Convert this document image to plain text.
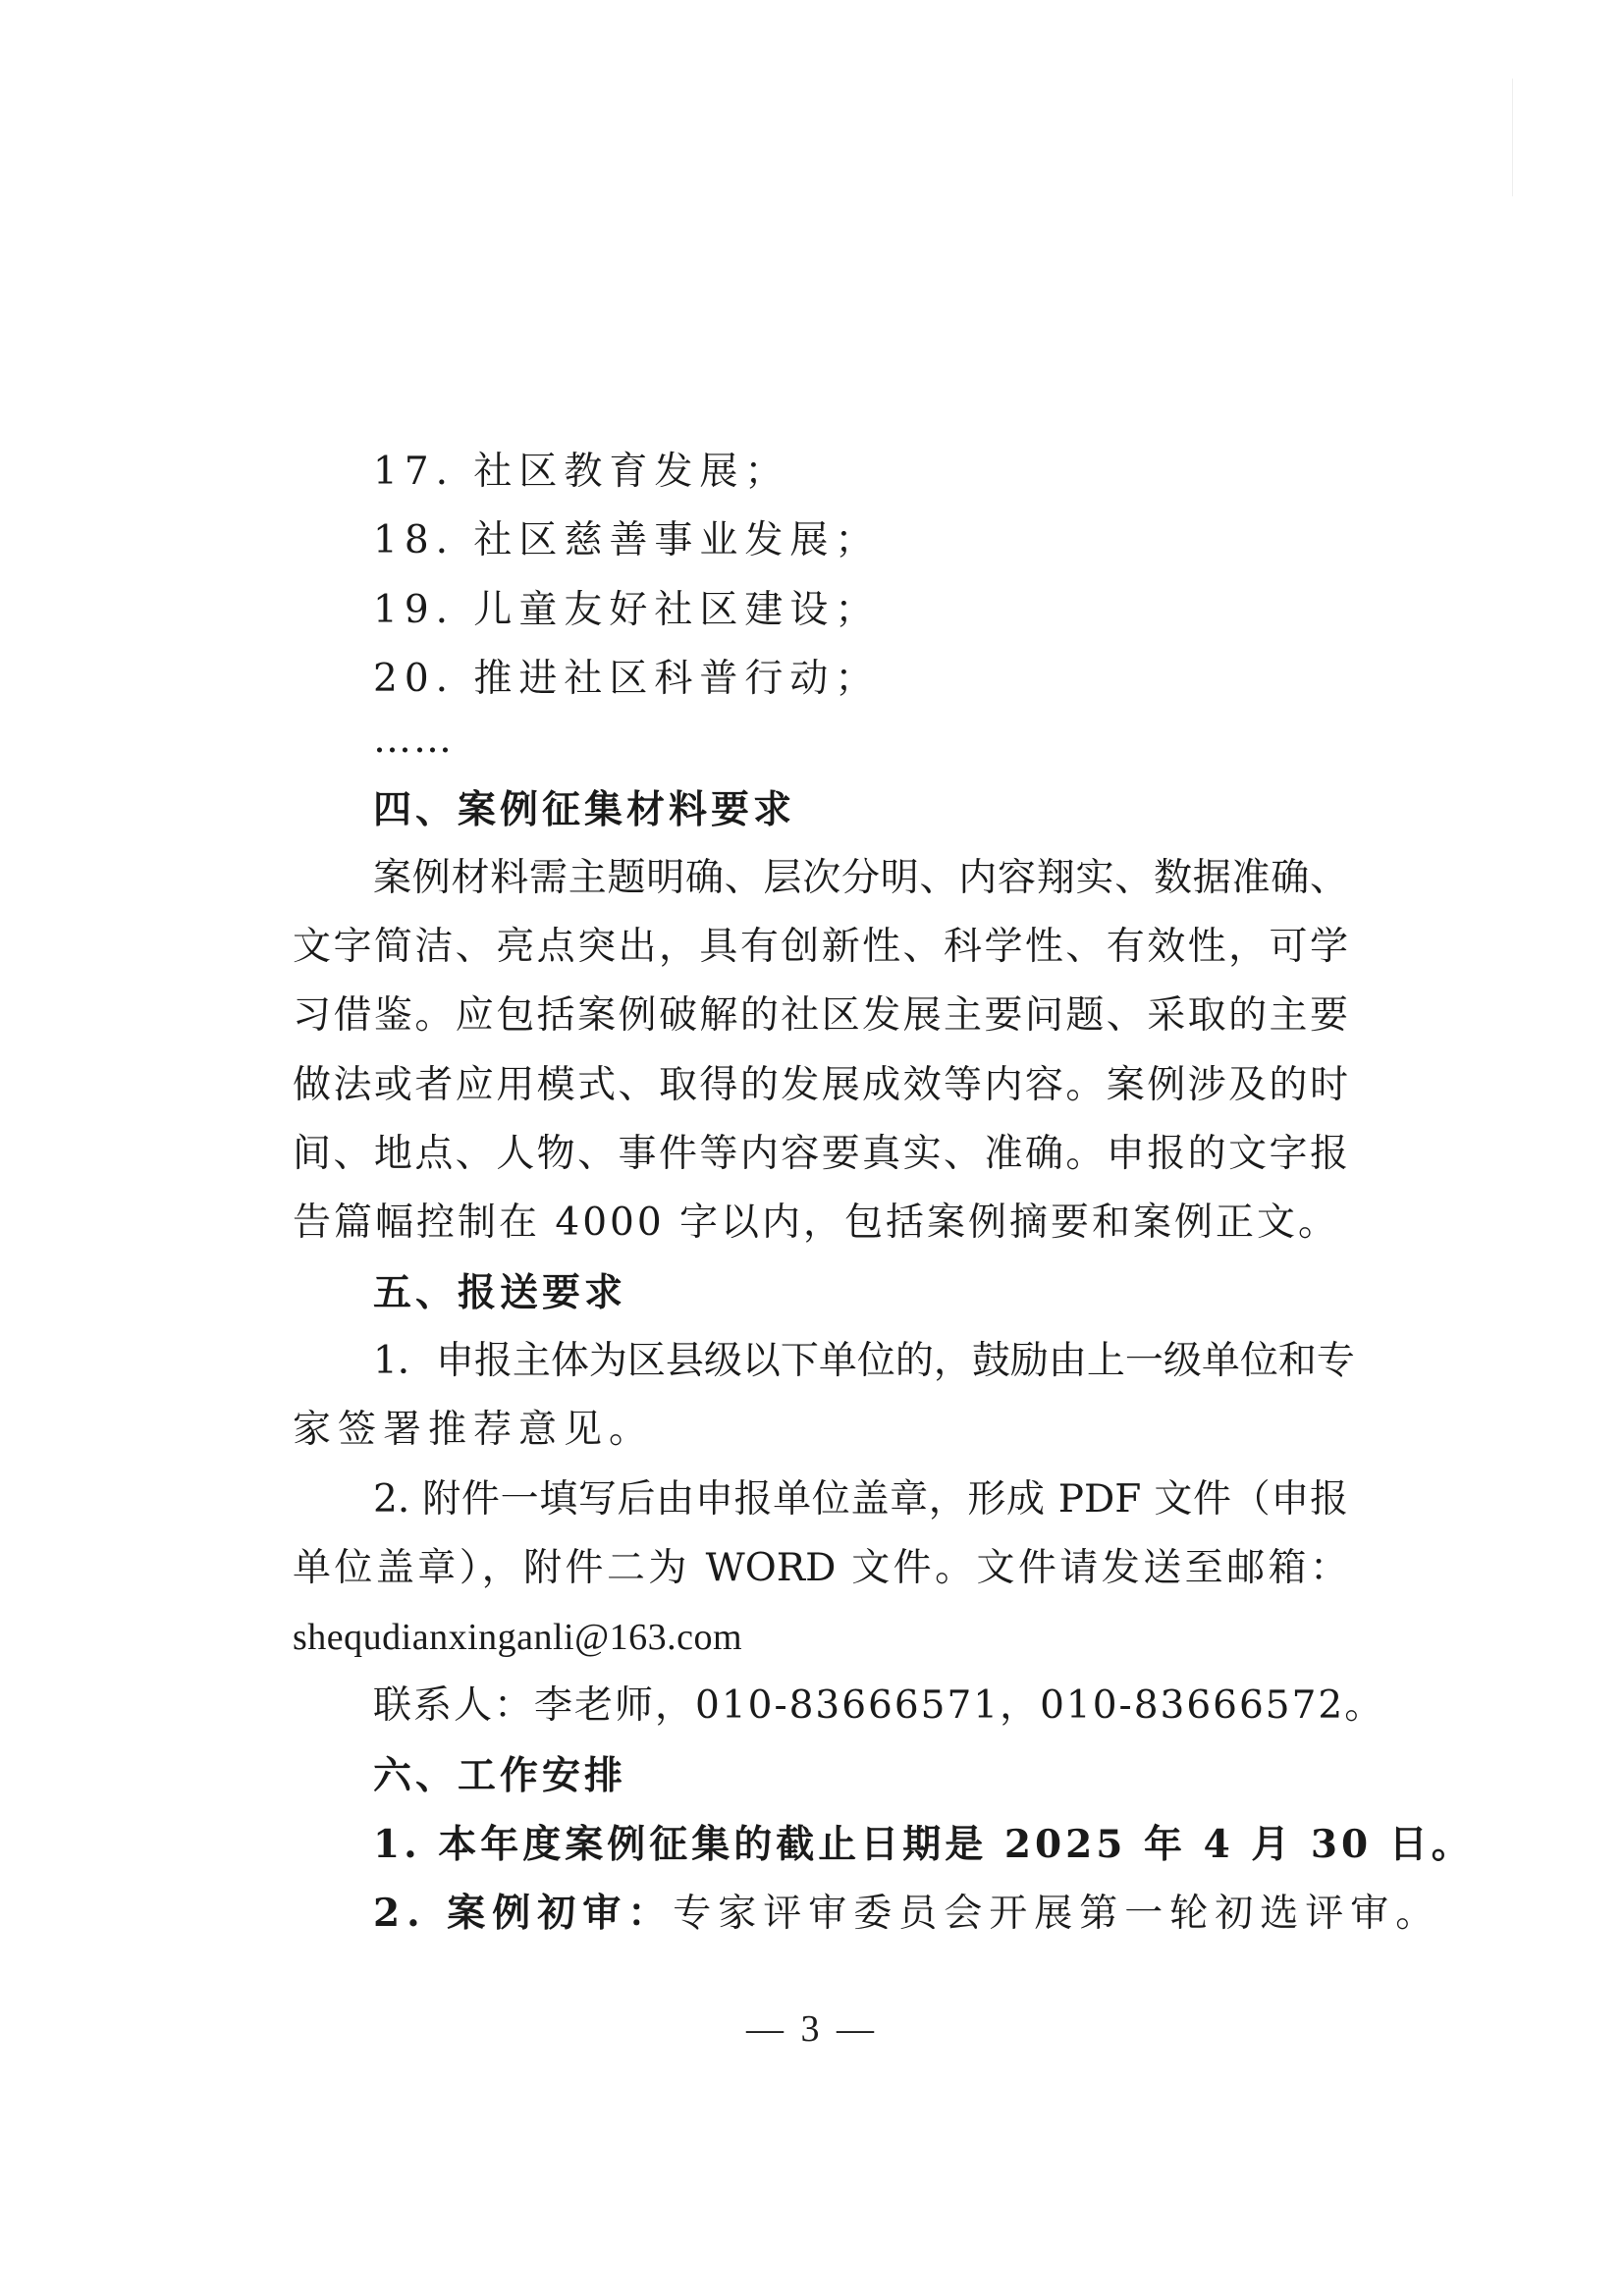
17. 社区教育发展；
18. 社区慈善事业发展；
19. 儿童友好社区建设；
20. 推进社区科普行动；
……
四、案例征集材料要求
案例材料需主题明确、层次分明、内容翔实、数据准确、
文字简洁、亮点突出，具有创新性、科学性、有效性，可学
习借鉴。应包括案例破解的社区发展主要问题、采取的主要
做法或者应用模式、取得的发展成效等内容。案例涉及的时
间、地点、人物、事件等内容要真实、准确。申报的文字报
告篇幅控制在 4000 字以内，包括案例摘要和案例正文。
五、报送要求
1．申报主体为区县级以下单位的，鼓励由上一级单位和专
家签署推荐意见。
2. 附件一填写后由申报单位盖章，形成 PDF 文件（申报
单位盖章），附件二为 WORD 文件。文件请发送至邮箱：
shequdianxinganli@163.com
联系人：李老师，010-83666571，010-83666572。
六、工作安排
1. 本年度案例征集的截止日期是 2025 年 4 月 30 日。
2. 案例初审：专家评审委员会开展第一轮初选评审。
— 3 —
